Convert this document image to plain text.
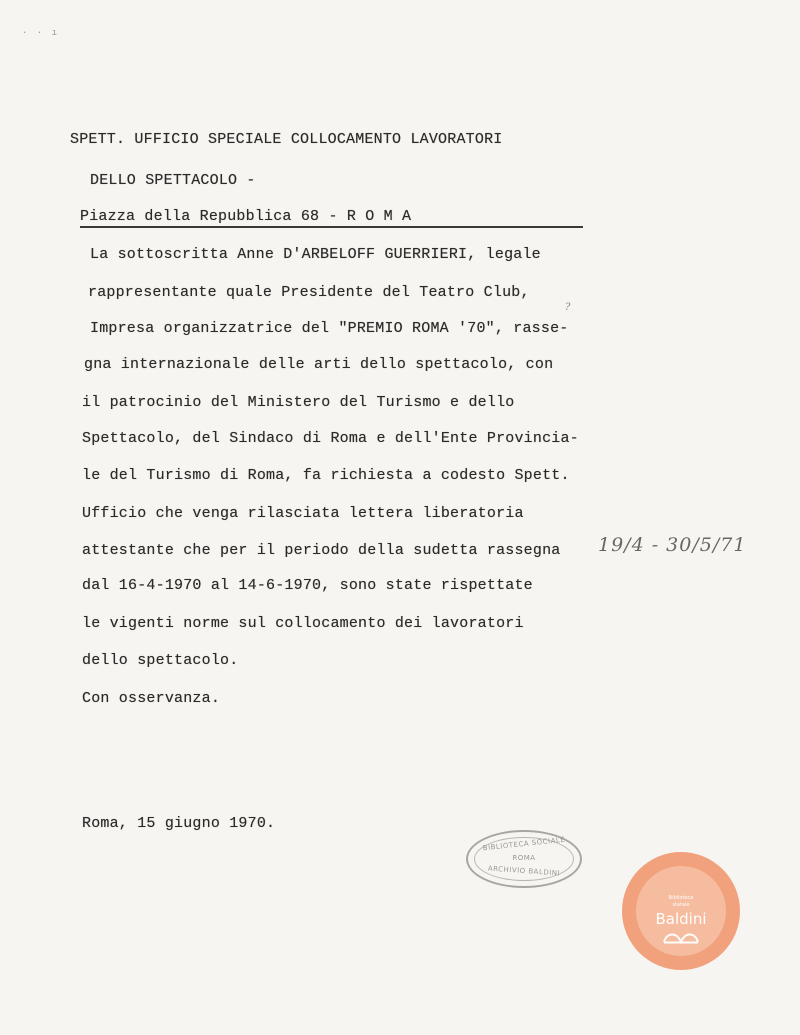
· · ı
SPETT. UFFICIO SPECIALE COLLOCAMENTO LAVORATORI
DELLO SPETTACOLO -
Piazza della Repubblica 68 - R O M A
La sottoscritta Anne D'ARBELOFF GUERRIERI, legale
rappresentante quale Presidente del Teatro Club,
Impresa organizzatrice del "PREMIO ROMA '70", rasse-
gna internazionale delle arti dello spettacolo, con
il patrocinio del Ministero del Turismo e dello
Spettacolo, del Sindaco di Roma e dell'Ente Provincia-
le del Turismo di Roma, fa richiesta a codesto Spett.
Ufficio che venga rilasciata lettera liberatoria
attestante che per il periodo della sudetta rassegna
dal 16-4-1970 al 14-6-1970, sono state rispettate
le vigenti norme sul collocamento dei lavoratori
dello spettacolo.
Con osservanza.
Roma, 15 giugno 1970.
19/4 - 30/5/71
?
BIBLIOTECA SOCIALE
ROMA
ARCHIVIO BALDINI
Biblioteca
statale
Baldini
